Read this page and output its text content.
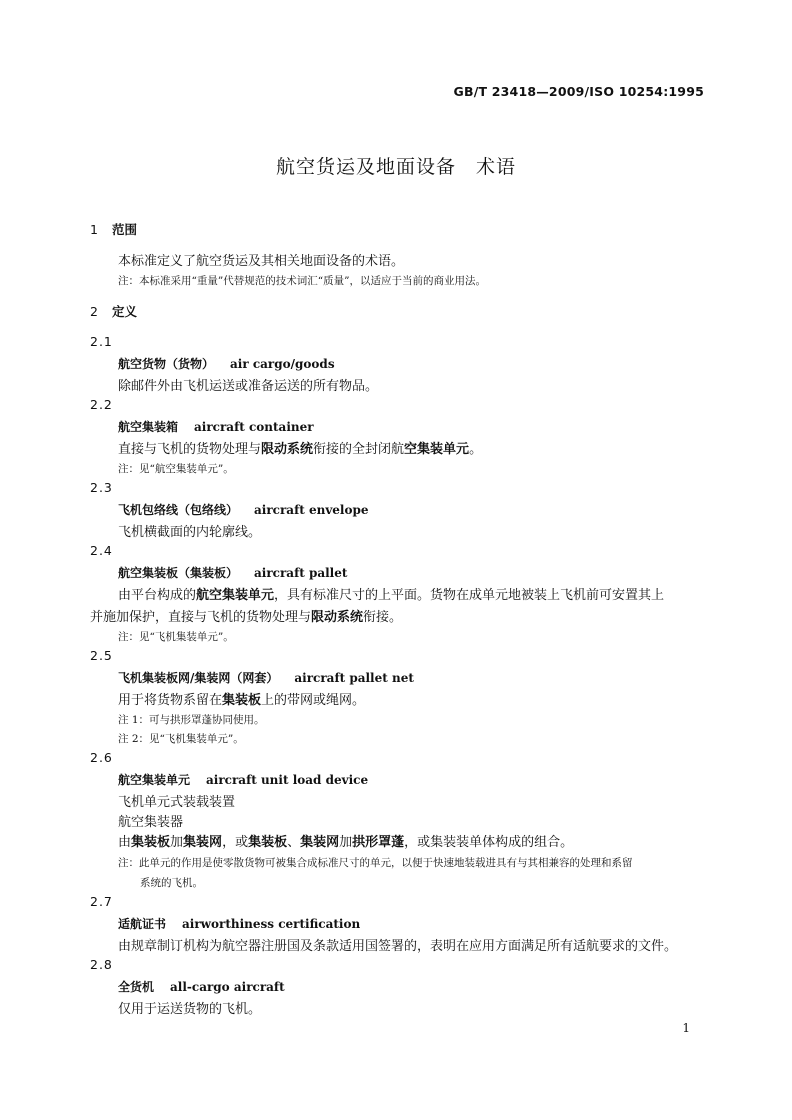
GB/T 23418—2009/ISO 10254:1995
航空货运及地面设备　术语
1 范围
本标准定义了航空货运及其相关地面设备的术语。
注：本标准采用“重量”代替规范的技术词汇“质量”，以适应于当前的商业用法。
2 定义
2.1
航空货物（货物） air cargo/goods
除邮件外由飞机运送或准备运送的所有物品。
2.2
航空集装箱 aircraft container
直接与飞机的货物处理与限动系统衔接的全封闭航空集装单元。
注：见“航空集装单元”。
2.3
飞机包络线（包络线） aircraft envelope
飞机横截面的内轮廓线。
2.4
航空集装板（集装板） aircraft pallet
由平台构成的航空集装单元，具有标准尺寸的上平面。货物在成单元地被装上飞机前可安置其上
并施加保护，直接与飞机的货物处理与限动系统衔接。
注：见“飞机集装单元”。
2.5
飞机集装板网/集装网（网套） aircraft pallet net
用于将货物系留在集装板上的带网或绳网。
注 1：可与拱形罩蓬协同使用。
注 2：见“飞机集装单元”。
2.6
航空集装单元 aircraft unit load device
飞机单元式装载装置
航空集装器
由集装板加集装网，或集装板、集装网加拱形罩蓬，或集装装单体构成的组合。
注：此单元的作用是使零散货物可被集合成标准尺寸的单元，以便于快速地装载进具有与其相兼容的处理和系留
系统的飞机。
2.7
适航证书 airworthiness certification
由规章制订机构为航空器注册国及条款适用国签署的，表明在应用方面满足所有适航要求的文件。
2.8
全货机 all-cargo aircraft
仅用于运送货物的飞机。
1
